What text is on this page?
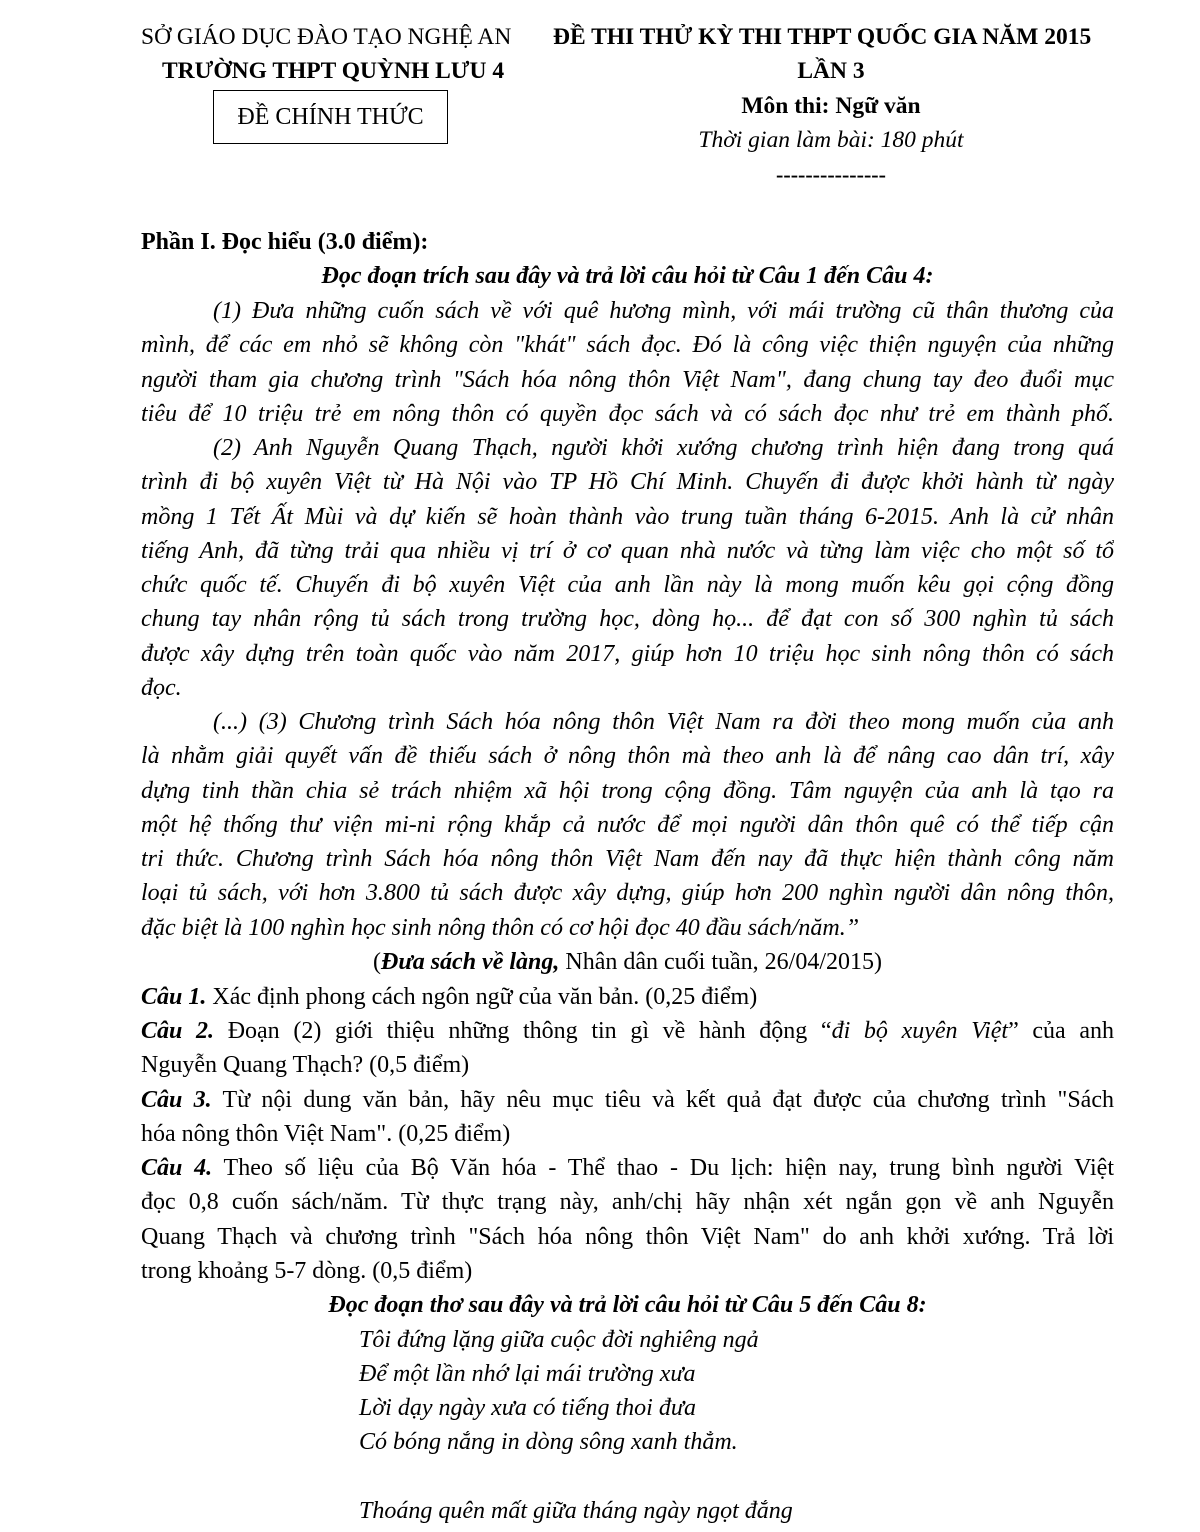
SỞ GIÁO DỤC ĐÀO TẠO NGHỆ AN
TRƯỜNG THPT QUỲNH LƯU 4
ĐỀ CHÍNH THỨC
ĐỀ THI THỬ KỲ THI THPT QUỐC GIA NĂM 2015
LẦN 3
Môn thi: Ngữ văn
Thời gian làm bài: 180 phút
---------------
Phần I. Đọc hiểu (3.0 điểm):
Đọc đoạn trích sau đây và trả lời câu hỏi từ Câu 1 đến Câu 4:
(1) Đưa những cuốn sách về với quê hương mình, với mái trường cũ thân thương của
mình, để các em nhỏ sẽ không còn "khát" sách đọc. Đó là công việc thiện nguyện của những
người tham gia chương trình "Sách hóa nông thôn Việt Nam", đang chung tay đeo đuổi mục
tiêu để 10 triệu trẻ em nông thôn có quyền đọc sách và có sách đọc như trẻ em thành phố.
(2) Anh Nguyễn Quang Thạch, người khởi xướng chương trình hiện đang trong quá
trình đi bộ xuyên Việt từ Hà Nội vào TP Hồ Chí Minh. Chuyến đi được khởi hành từ ngày
mồng 1 Tết Ất Mùi và dự kiến sẽ hoàn thành vào trung tuần tháng 6-2015. Anh là cử nhân
tiếng Anh, đã từng trải qua nhiều vị trí ở cơ quan nhà nước và từng làm việc cho một số tổ
chức quốc tế. Chuyến đi bộ xuyên Việt của anh lần này là mong muốn kêu gọi cộng đồng
chung tay nhân rộng tủ sách trong trường học, dòng họ... để đạt con số 300 nghìn tủ sách
được xây dựng trên toàn quốc vào năm 2017, giúp hơn 10 triệu học sinh nông thôn có sách
đọc.
(...) (3) Chương trình Sách hóa nông thôn Việt Nam ra đời theo mong muốn của anh
là nhằm giải quyết vấn đề thiếu sách ở nông thôn mà theo anh là để nâng cao dân trí, xây
dựng tinh thần chia sẻ trách nhiệm xã hội trong cộng đồng. Tâm nguyện của anh là tạo ra
một hệ thống thư viện mi-ni rộng khắp cả nước để mọi người dân thôn quê có thể tiếp cận
tri thức. Chương trình Sách hóa nông thôn Việt Nam đến nay đã thực hiện thành công năm
loại tủ sách, với hơn 3.800 tủ sách được xây dựng, giúp hơn 200 nghìn người dân nông thôn,
đặc biệt là 100 nghìn học sinh nông thôn có cơ hội đọc 40 đầu sách/năm.”
(Đưa sách về làng, Nhân dân cuối tuần, 26/04/2015)
Câu 1. Xác định phong cách ngôn ngữ của văn bản. (0,25 điểm)
Câu 2. Đoạn (2) giới thiệu những thông tin gì về hành động “đi bộ xuyên Việt” của anh
Nguyễn Quang Thạch? (0,5 điểm)
Câu 3. Từ nội dung văn bản, hãy nêu mục tiêu và kết quả đạt được của chương trình "Sách
hóa nông thôn Việt Nam". (0,25 điểm)
Câu 4. Theo số liệu của Bộ Văn hóa - Thể thao - Du lịch: hiện nay, trung bình người Việt
đọc 0,8 cuốn sách/năm. Từ thực trạng này, anh/chị hãy nhận xét ngắn gọn về anh Nguyễn
Quang Thạch và chương trình "Sách hóa nông thôn Việt Nam" do anh khởi xướng. Trả lời
trong khoảng 5-7 dòng. (0,5 điểm)
Đọc đoạn thơ sau đây và trả lời câu hỏi từ Câu 5 đến Câu 8:
Tôi đứng lặng giữa cuộc đời nghiêng ngả
Để một lần nhớ lại mái trường xưa
Lời dạy ngày xưa có tiếng thoi đưa
Có bóng nắng in dòng sông xanh thẳm.
Thoáng quên mất giữa tháng ngày ngọt đắng
